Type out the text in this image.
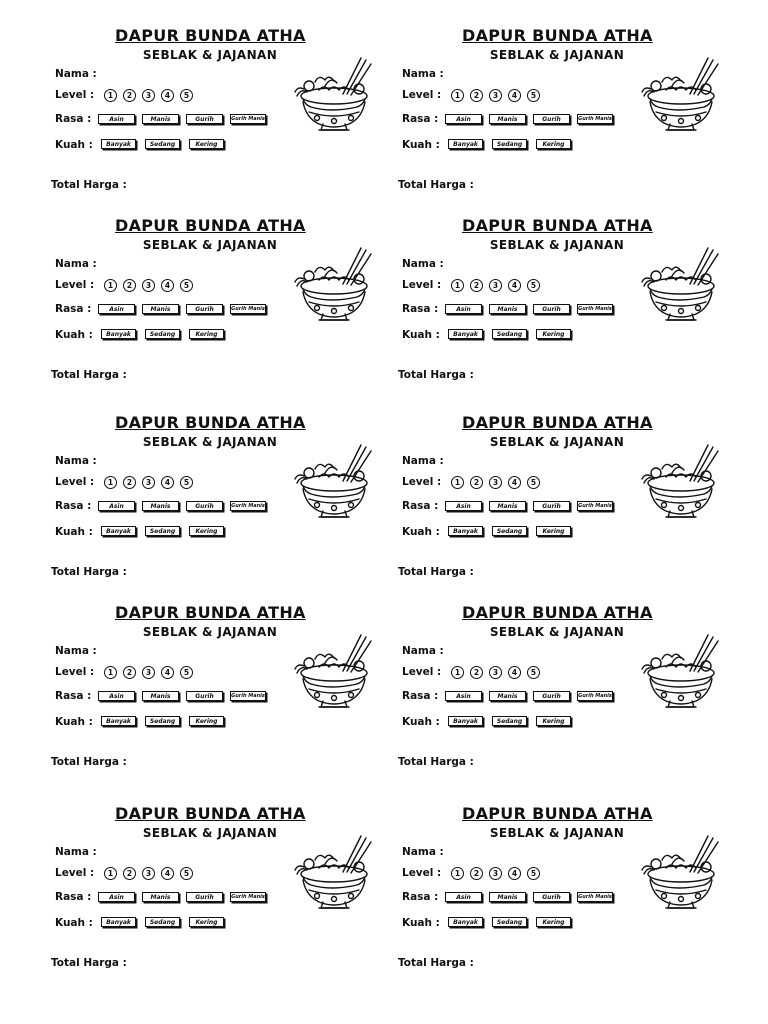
DAPUR BUNDA ATHA
SEBLAK & JAJANAN
Nama :
Level :	1	2	3	4	5
Rasa :	Asin	Manis	Gurih	Gurih Manis
Kuah :	Banyak	Sedang	Kering
Total Harga :
DAPUR BUNDA ATHA
SEBLAK & JAJANAN
Nama :
Level :	1	2	3	4	5
Rasa :	Asin	Manis	Gurih	Gurih Manis
Kuah :	Banyak	Sedang	Kering
Total Harga :
DAPUR BUNDA ATHA
SEBLAK & JAJANAN
Nama :
Level :	1	2	3	4	5
Rasa :	Asin	Manis	Gurih	Gurih Manis
Kuah :	Banyak	Sedang	Kering
Total Harga :
DAPUR BUNDA ATHA
SEBLAK & JAJANAN
Nama :
Level :	1	2	3	4	5
Rasa :	Asin	Manis	Gurih	Gurih Manis
Kuah :	Banyak	Sedang	Kering
Total Harga :
DAPUR BUNDA ATHA
SEBLAK & JAJANAN
Nama :
Level :	1	2	3	4	5
Rasa :	Asin	Manis	Gurih	Gurih Manis
Kuah :	Banyak	Sedang	Kering
Total Harga :
DAPUR BUNDA ATHA
SEBLAK & JAJANAN
Nama :
Level :	1	2	3	4	5
Rasa :	Asin	Manis	Gurih	Gurih Manis
Kuah :	Banyak	Sedang	Kering
Total Harga :
DAPUR BUNDA ATHA
SEBLAK & JAJANAN
Nama :
Level :	1	2	3	4	5
Rasa :	Asin	Manis	Gurih	Gurih Manis
Kuah :	Banyak	Sedang	Kering
Total Harga :
DAPUR BUNDA ATHA
SEBLAK & JAJANAN
Nama :
Level :	1	2	3	4	5
Rasa :	Asin	Manis	Gurih	Gurih Manis
Kuah :	Banyak	Sedang	Kering
Total Harga :
DAPUR BUNDA ATHA
SEBLAK & JAJANAN
Nama :
Level :	1	2	3	4	5
Rasa :	Asin	Manis	Gurih	Gurih Manis
Kuah :	Banyak	Sedang	Kering
Total Harga :
DAPUR BUNDA ATHA
SEBLAK & JAJANAN
Nama :
Level :	1	2	3	4	5
Rasa :	Asin	Manis	Gurih	Gurih Manis
Kuah :	Banyak	Sedang	Kering
Total Harga :
